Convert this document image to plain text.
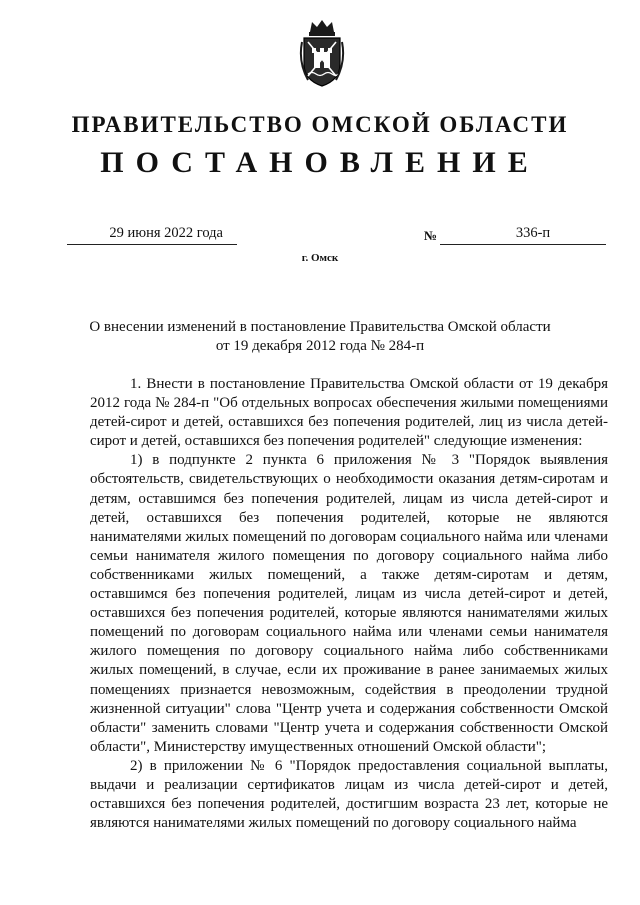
ПРАВИТЕЛЬСТВО ОМСКОЙ ОБЛАСТИ
ПОСТАНОВЛЕНИЕ
29 июня 2022 года	№	336-п
г. Омск
О внесении изменений в постановление Правительства Омской области
от 19 декабря 2012 года № 284-п

1. Внести в постановление Правительства Омской области от 19 декабря 2012 года № 284-п "Об отдельных вопросах обеспечения жилыми помещениями детей-сирот и детей, оставшихся без попечения родителей, лиц из числа детей-сирот и детей, оставшихся без попечения родителей" следующие изменения:

1) в подпункте 2 пункта 6 приложения № 3 "Порядок выявления обстоятельств, свидетельствующих о необходимости оказания детям-сиротам и детям, оставшимся без попечения родителей, лицам из числа детей-сирот и детей, оставшихся без попечения родителей, которые не являются нанимателями жилых помещений по договорам социального найма или членами семьи нанимателя жилого помещения по договору социального найма либо собственниками жилых помещений, а также детям-сиротам и детям, оставшимся без попечения родителей, лицам из числа детей-сирот и детей, оставшихся без попечения родителей, которые являются нанимателями жилых помещений по договорам социального найма или членами семьи нанимателя жилого помещения по договору социального найма либо собственниками жилых помещений, в случае, если их проживание в ранее занимаемых жилых помещениях признается невозможным, содействия в преодолении трудной жизненной ситуации" слова "Центр учета и содержания собственности Омской области" заменить словами "Центр учета и содержания собственности Омской области", Министерству имущественных отношений Омской области";

2) в приложении № 6 "Порядок предоставления социальной выплаты, выдачи и реализации сертификатов лицам из числа детей-сирот и детей, оставшихся без попечения родителей, достигшим возраста 23 лет, которые не являются нанимателями жилых помещений по договору социального найма
